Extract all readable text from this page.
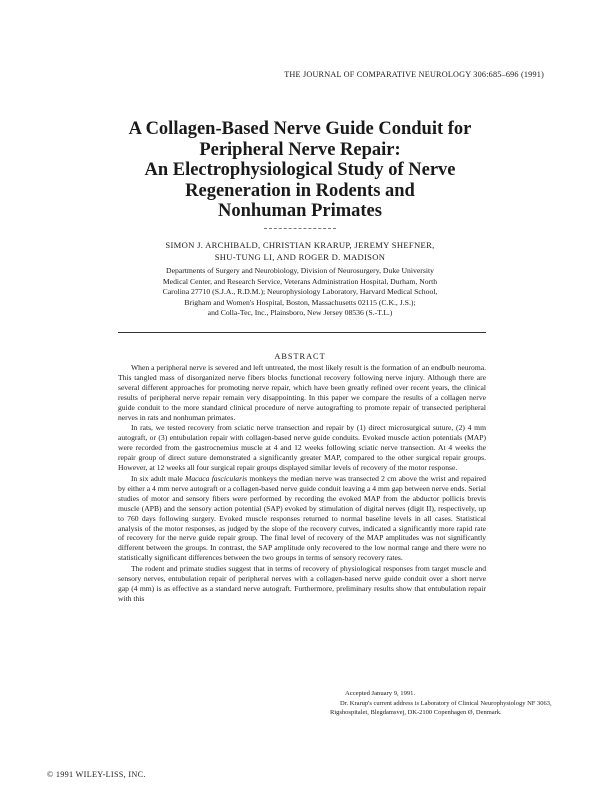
THE JOURNAL OF COMPARATIVE NEUROLOGY 306:685–696 (1991)
A Collagen-Based Nerve Guide Conduit for
Peripheral Nerve Repair:
An Electrophysiological Study of Nerve
Regeneration in Rodents and
Nonhuman Primates
SIMON J. ARCHIBALD, CHRISTIAN KRARUP, JEREMY SHEFNER,
SHU-TUNG LI, AND ROGER D. MADISON
Departments of Surgery and Neurobiology, Division of Neurosurgery, Duke University
Medical Center, and Research Service, Veterans Administration Hospital, Durham, North
Carolina 27710 (S.J.A., R.D.M.); Neurophysiology Laboratory, Harvard Medical School,
Brigham and Women's Hospital, Boston, Massachusetts 02115 (C.K., J.S.);
and Colla-Tec, Inc., Plainsboro, New Jersey 08536 (S.-T.L.)
ABSTRACT

When a peripheral nerve is severed and left untreated, the most likely result is the formation of an endbulb neuroma. This tangled mass of disorganized nerve fibers blocks functional recovery following nerve injury. Although there are several different approaches for promoting nerve repair, which have been greatly refined over recent years, the clinical results of peripheral nerve repair remain very disappointing. In this paper we compare the results of a collagen nerve guide conduit to the more standard clinical procedure of nerve autografting to promote repair of transected peripheral nerves in rats and nonhuman primates.

In rats, we tested recovery from sciatic nerve transection and repair by (1) direct microsurgical suture, (2) 4 mm autograft, or (3) entubulation repair with collagen-based nerve guide conduits. Evoked muscle action potentials (MAP) were recorded from the gastrocnemius muscle at 4 and 12 weeks following sciatic nerve transection. At 4 weeks the repair group of direct suture demonstrated a significantly greater MAP, compared to the other surgical repair groups. However, at 12 weeks all four surgical repair groups displayed similar levels of recovery of the motor response.

In six adult male Macaca fascicularis monkeys the median nerve was transected 2 cm above the wrist and repaired by either a 4 mm nerve autograft or a collagen-based nerve guide conduit leaving a 4 mm gap between nerve ends. Serial studies of motor and sensory fibers were performed by recording the evoked MAP from the abductor pollicis brevis muscle (APB) and the sensory action potential (SAP) evoked by stimulation of digital nerves (digit II), respectively, up to 760 days following surgery. Evoked muscle responses returned to normal baseline levels in all cases. Statistical analysis of the motor responses, as judged by the slope of the recovery curves, indicated a significantly more rapid rate of recovery for the nerve guide repair group. The final level of recovery of the MAP amplitudes was not significantly different between the groups. In contrast, the SAP amplitude only recovered to the low normal range and there were no statistically significant differences between the two groups in terms of sensory recovery rates.

The rodent and primate studies suggest that in terms of recovery of physiological responses from target muscle and sensory nerves, entubulation repair of peripheral nerves with a collagen-based nerve guide conduit over a short nerve gap (4 mm) is as effective as a standard nerve autograft. Furthermore, preliminary results show that entubulation repair with this

Accepted January 9, 1991.
Dr. Krarup's current address is Laboratory of Clinical Neurophysiology NF 3063, Rigshospitalet, Blegdamsvej, DK-2100 Copenhagen Ø, Denmark.
© 1991 WILEY-LISS, INC.
